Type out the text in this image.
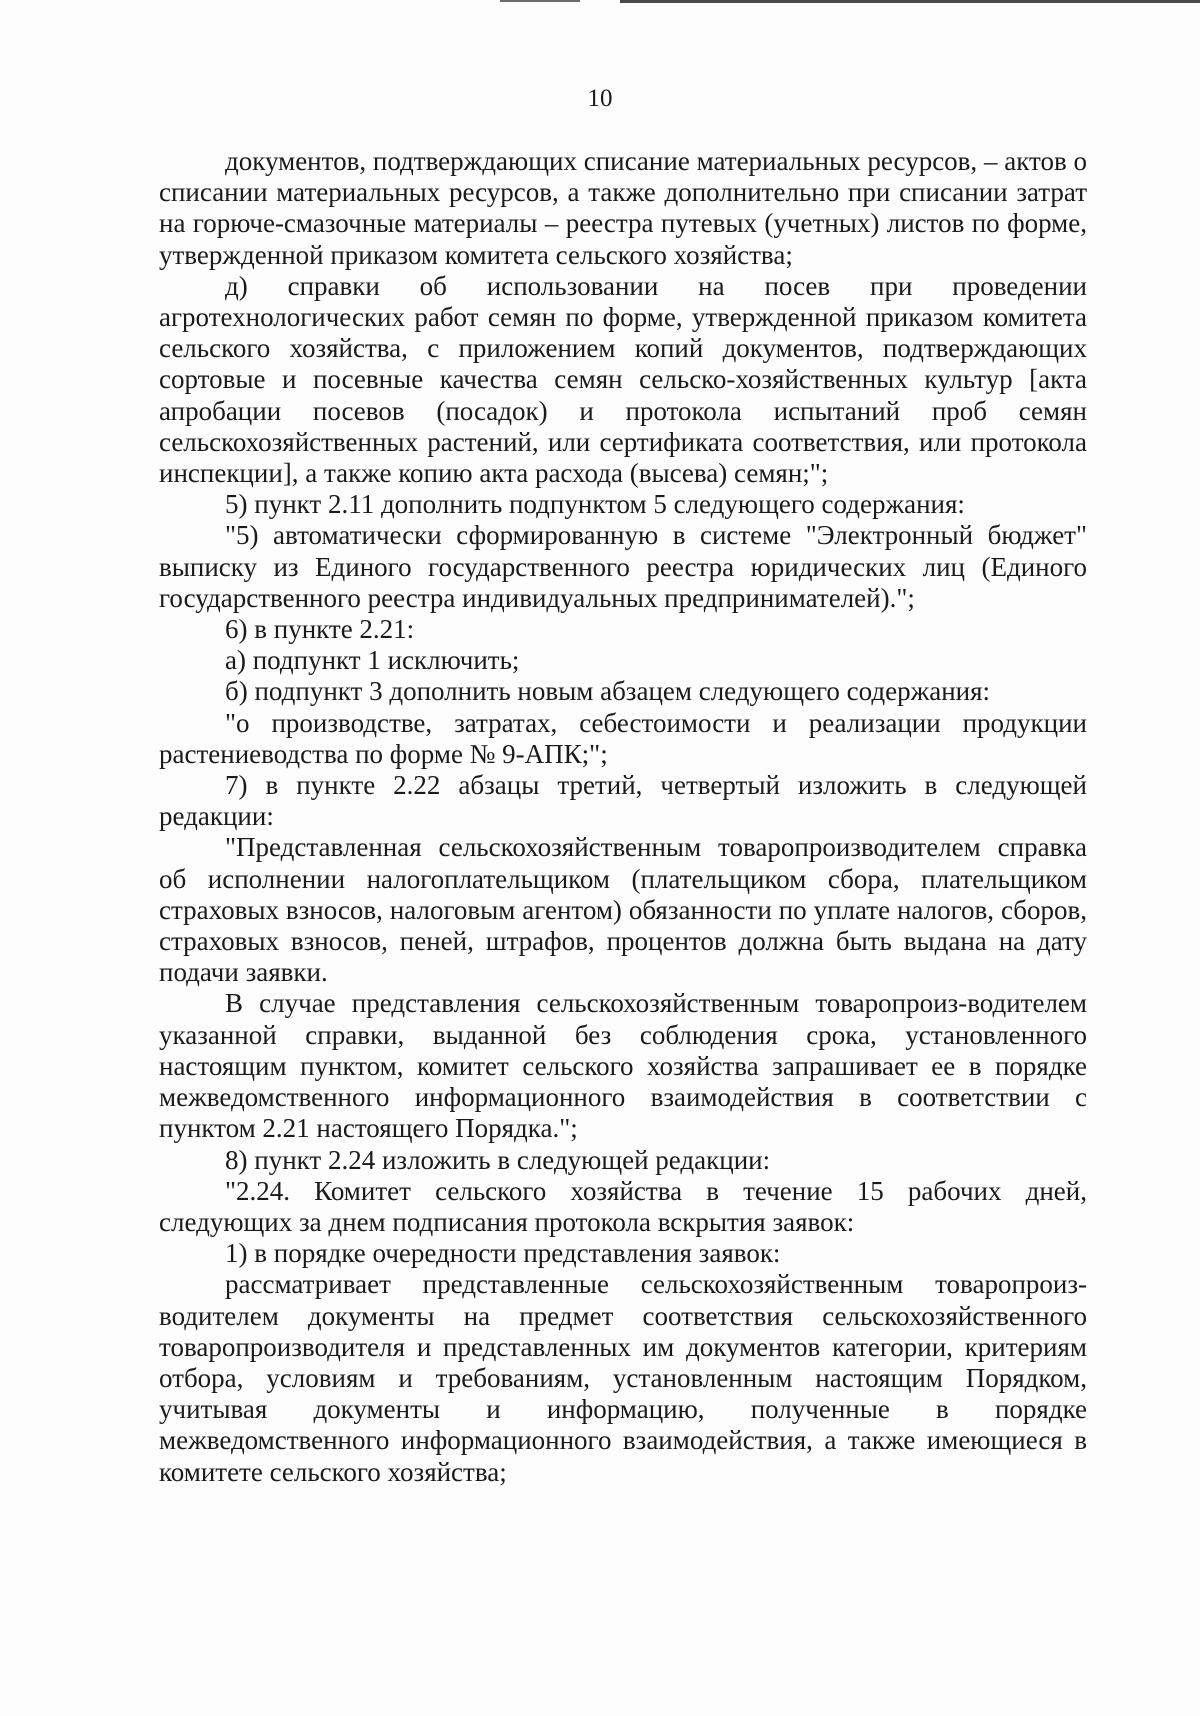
10

документов, подтверждающих списание материальных ресурсов, – актов о списании материальных ресурсов, а также дополнительно при списании затрат на горюче-смазочные материалы – реестра путевых (учетных) листов по форме, утвержденной приказом комитета сельского хозяйства;

д) справки об использовании на посев при проведении агротехнологических работ семян по форме, утвержденной приказом комитета сельского хозяйства, с приложением копий документов, подтверждающих сортовые и посевные качества семян сельско-хозяйственных культур [акта апробации посевов (посадок) и протокола испытаний проб семян сельскохозяйственных растений, или сертификата соответствия, или протокола инспекции], а также копию акта расхода (высева) семян;";

5) пункт 2.11 дополнить подпунктом 5 следующего содержания:

"5) автоматически сформированную в системе "Электронный бюджет" выписку из Единого государственного реестра юридических лиц (Единого государственного реестра индивидуальных предпринимателей).";

6) в пункте 2.21:

а) подпункт 1 исключить;

б) подпункт 3 дополнить новым абзацем следующего содержания:

"о производстве, затратах, себестоимости и реализации продукции растениеводства по форме № 9-АПК;";

7) в пункте 2.22 абзацы третий, четвертый изложить в следующей редакции:

"Представленная сельскохозяйственным товаропроизводителем справка об исполнении налогоплательщиком (плательщиком сбора, плательщиком страховых взносов, налоговым агентом) обязанности по уплате налогов, сборов, страховых взносов, пеней, штрафов, процентов должна быть выдана на дату подачи заявки.

В случае представления сельскохозяйственным товаропроиз-водителем указанной справки, выданной без соблюдения срока, установленного настоящим пунктом, комитет сельского хозяйства запрашивает ее в порядке межведомственного информационного взаимодействия в соответствии с пунктом 2.21 настоящего Порядка.";

8) пункт 2.24 изложить в следующей редакции:

"2.24. Комитет сельского хозяйства в течение 15 рабочих дней, следующих за днем подписания протокола вскрытия заявок:

1) в порядке очередности представления заявок:

рассматривает представленные сельскохозяйственным товаропроиз-водителем документы на предмет соответствия сельскохозяйственного товаропроизводителя и представленных им документов категории, критериям отбора, условиям и требованиям, установленным настоящим Порядком, учитывая документы и информацию, полученные в порядке межведомственного информационного взаимодействия, а также имеющиеся в комитете сельского хозяйства;
